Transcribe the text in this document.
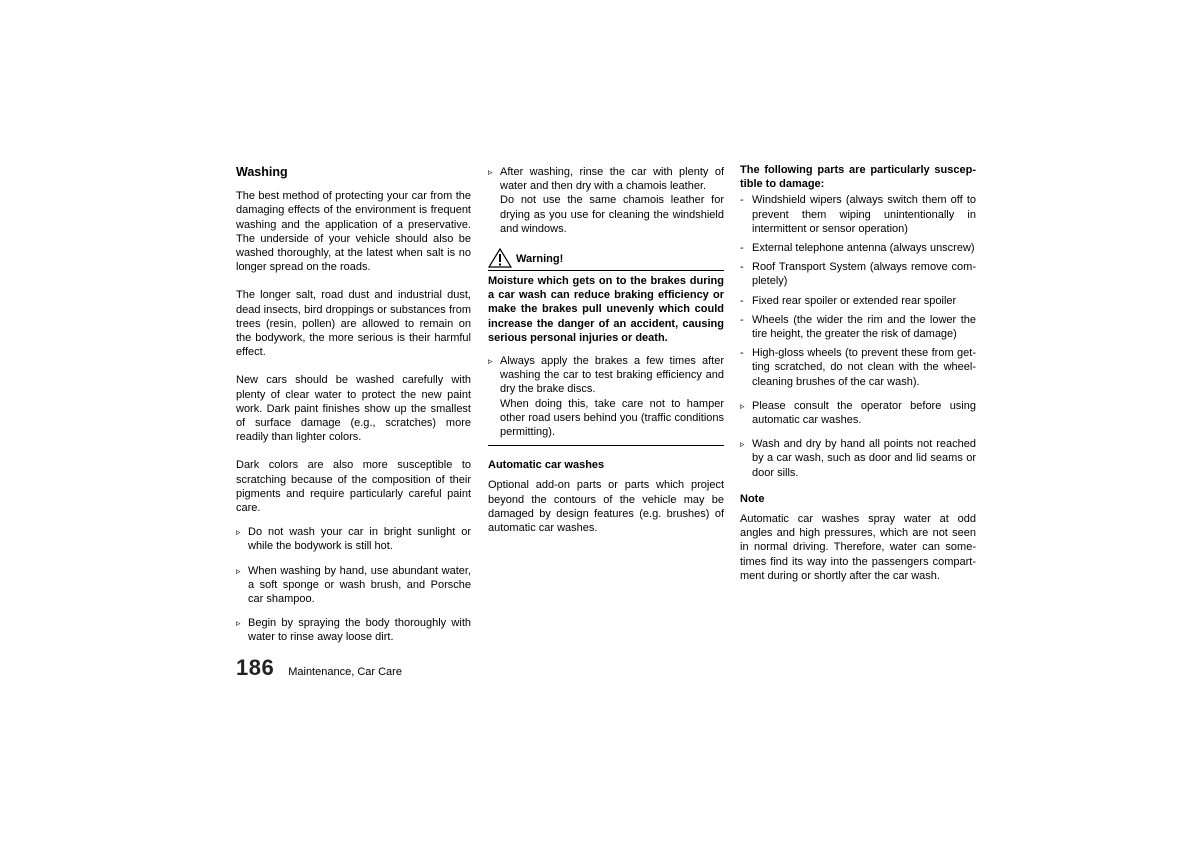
Washing

The best method of protecting your car from the damaging effects of the environment is frequent washing and the application of a preservative. The underside of your vehicle should also be washed thoroughly, at the latest when salt is no longer spread on the roads.

The longer salt, road dust and industrial dust, dead insects, bird droppings or substances from trees (resin, pollen) are allowed to remain on the bodywork, the more serious is their harmful effect.

New cars should be washed carefully with plenty of clear water to protect the new paint work. Dark paint finishes show up the smallest of surface damage (e.g., scratches) more readily than lighter colors.

Dark colors are also more susceptible to scratching because of the composition of their pigments and require particularly careful paint care.

▹ Do not wash your car in bright sunlight or while the bodywork is still hot.
▹ When washing by hand, use abundant water, a soft sponge or wash brush, and Porsche car shampoo.
▹ Begin by spraying the body thoroughly with water to rinse away loose dirt.
▹ After washing, rinse the car with plenty of water and then dry with a chamois leather.
Do not use the same chamois leather for drying as you use for cleaning the windshield and windows.
Warning!

Moisture which gets on to the brakes during a car wash can reduce braking efficiency or make the brakes pull unevenly which could increase the danger of an accident, causing serious personal injuries or death.

▹ Always apply the brakes a few times after washing the car to test braking efficiency and dry the brake discs.
When doing this, take care not to hamper other road users behind you (traffic conditions permitting).
Automatic car washes

Optional add-on parts or parts which project beyond the contours of the vehicle may be damaged by design features (e.g. brushes) of automatic car washes.

The following parts are particularly susceptible to damage:
- Windshield wipers (always switch them off to prevent them wiping unintentionally in intermittent or sensor operation)
- External telephone antenna (always unscrew)
- Roof Transport System (always remove completely)
- Fixed rear spoiler or extended rear spoiler
- Wheels (the wider the rim and the lower the tire height, the greater the risk of damage)
- High-gloss wheels (to prevent these from getting scratched, do not clean with the wheel-cleaning brushes of the car wash).
▹ Please consult the operator before using automatic car washes.
▹ Wash and dry by hand all points not reached by a car wash, such as door and lid seams or door sills.
Note

Automatic car washes spray water at odd angles and high pressures, which are not seen in normal driving. Therefore, water can sometimes find its way into the passengers compartment during or shortly after the car wash.

186 Maintenance, Car Care
